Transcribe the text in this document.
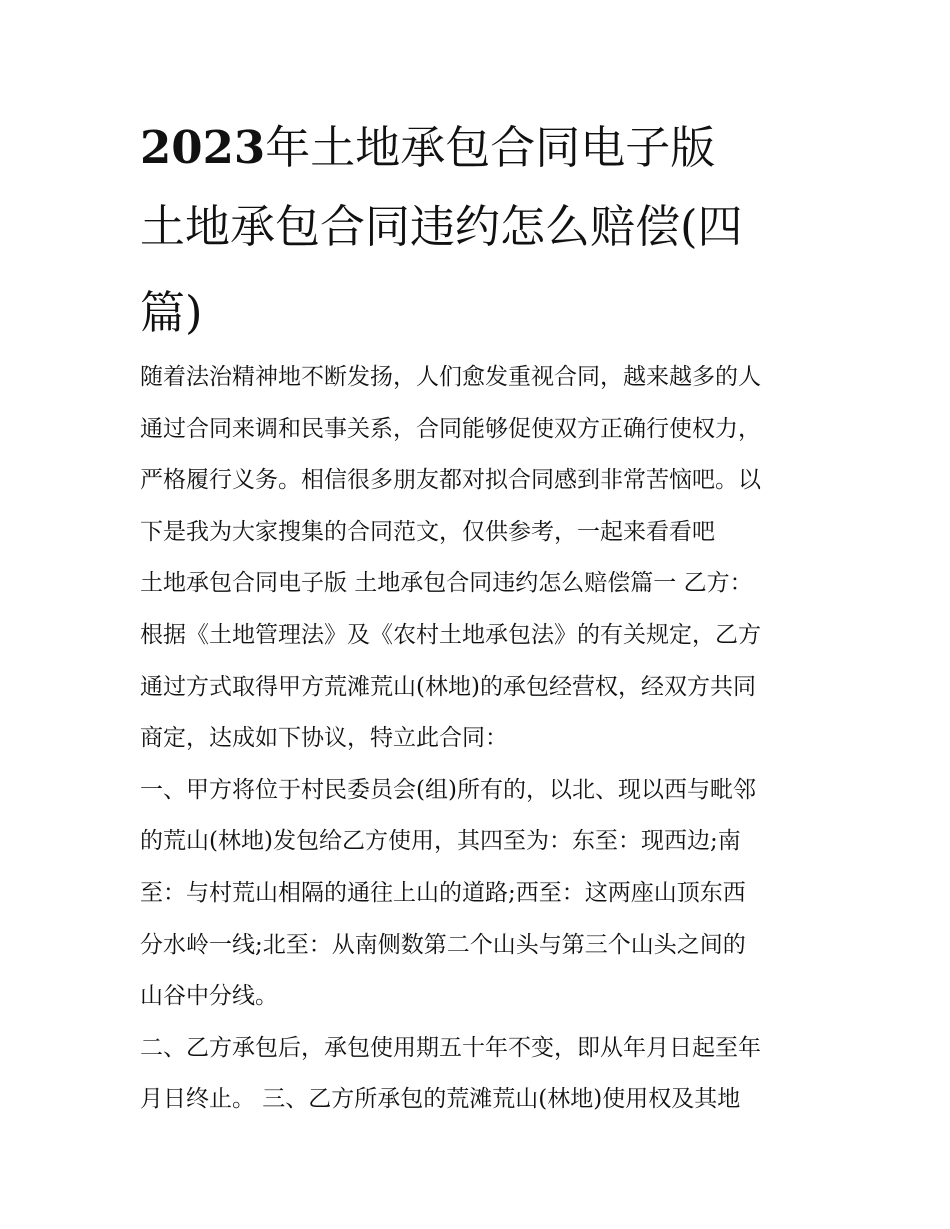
2023年土地承包合同电子版
土地承包合同违约怎么赔偿(四
篇)
随着法治精神地不断发扬，人们愈发重视合同，越来越多的人
通过合同来调和民事关系，合同能够促使双方正确行使权力，
严格履行义务。相信很多朋友都对拟合同感到非常苦恼吧。以
下是我为大家搜集的合同范文，仅供参考，一起来看看吧
土地承包合同电子版 土地承包合同违约怎么赔偿篇一 乙方：
根据《土地管理法》及《农村土地承包法》的有关规定，乙方
通过方式取得甲方荒滩荒山(林地)的承包经营权，经双方共同
商定，达成如下协议，特立此合同：
一、甲方将位于村民委员会(组)所有的，以北、现以西与毗邻
的荒山(林地)发包给乙方使用，其四至为：东至：现西边;南
至：与村荒山相隔的通往上山的道路;西至：这两座山顶东西
分水岭一线;北至：从南侧数第二个山头与第三个山头之间的
山谷中分线。
二、乙方承包后，承包使用期五十年不变，即从年月日起至年
月日终止。 三、乙方所承包的荒滩荒山(林地)使用权及其地
